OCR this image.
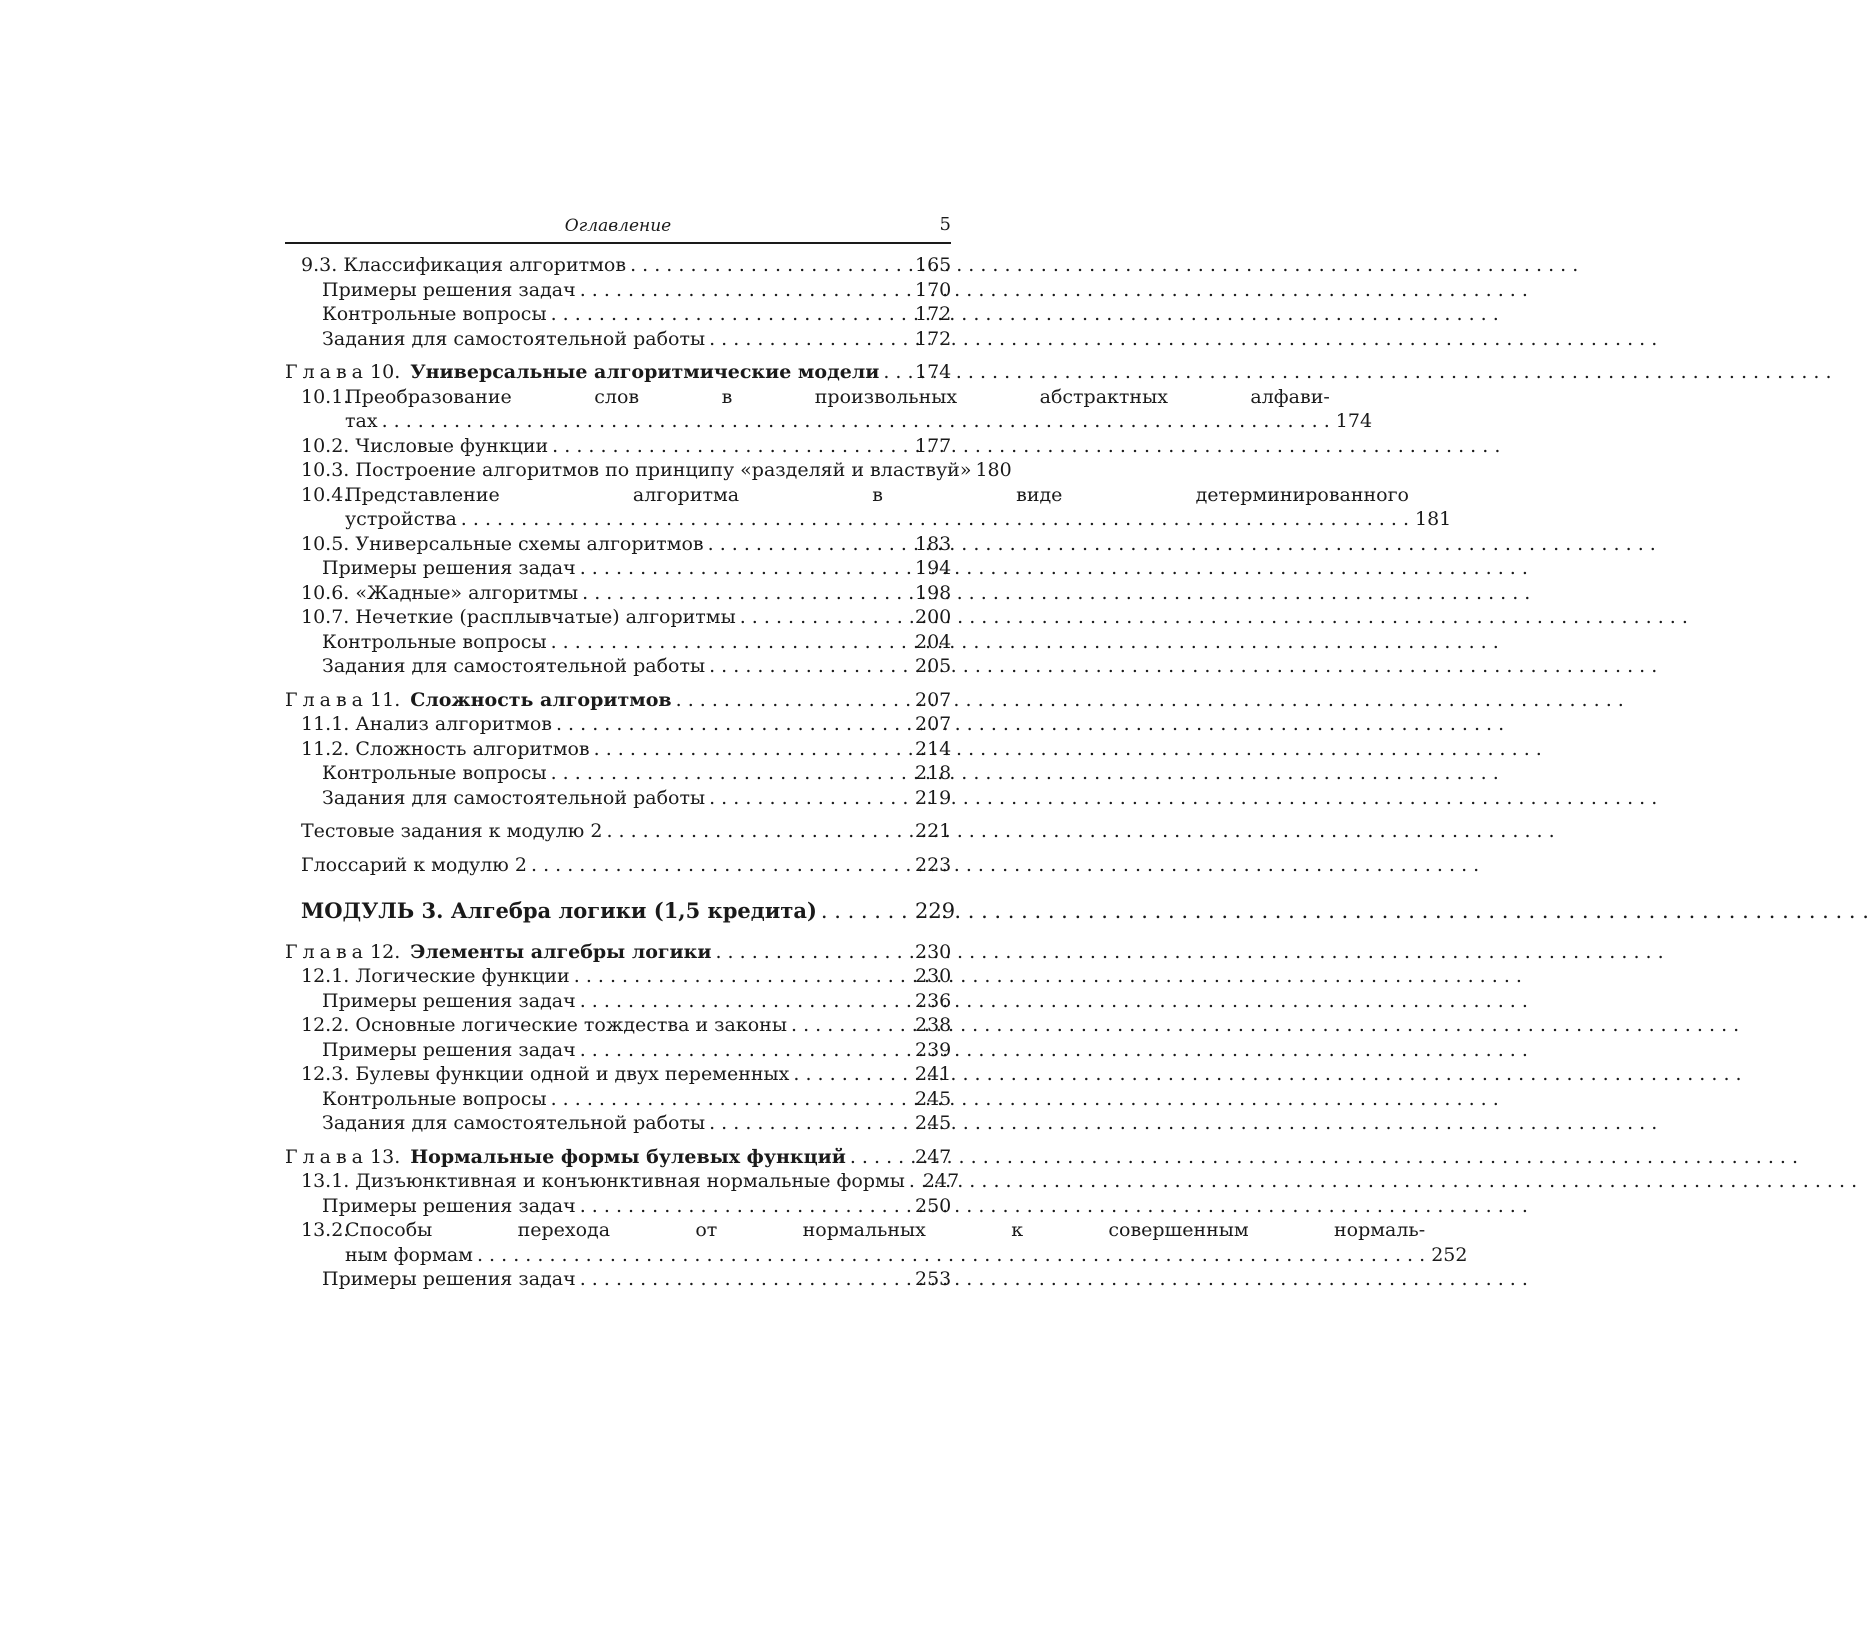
Оглавление	5
9.3. Классификация алгоритмов . . .	165
Примеры решения задач . . .	170
Контрольные вопросы . . .	172
Задания для самостоятельной работы . . .	172
Глава 10. Универсальные алгоритмические модели . . . 174
10.1.
Преобразование слов в произвольных абстрактных алфави-
тах . . .	174
10.2. Числовые функции . . .	177
10.3. Построение алгоритмов по принципу «разделяй и властвуй» 180
10.4.
Представление алгоритма в виде детерминированного
устройства . . .	181
10.5. Универсальные схемы алгоритмов . . .	183
Примеры решения задач . . .	194
10.6. «Жадные» алгоритмы . . .	198
10.7. Нечеткие (расплывчатые) алгоритмы . . .	200
Контрольные вопросы . . .	204
Задания для самостоятельной работы . . .	205
Глава 11. Сложность алгоритмов . . .	207
11.1. Анализ алгоритмов . . .	207
11.2. Сложность алгоритмов . . .	214
Контрольные вопросы . . .	218
Задания для самостоятельной работы . . .	219
Тестовые задания к модулю 2 . . .	221
Глоссарий к модулю 2 . . .	223
МОДУЛЬ 3. Алгебра логики (1,5 кредита) . . .	229
Глава 12. Элементы алгебры логики . . .	230
12.1. Логические функции . . .	230
Примеры решения задач . . .	236
12.2. Основные логические тождества и законы . . .	238
Примеры решения задач . . .	239
12.3. Булевы функции одной и двух переменных . . .	241
Контрольные вопросы . . .	245
Задания для самостоятельной работы . . .	245
Глава 13. Нормальные формы булевых функций . . .	247
13.1. Дизъюнктивная и конъюнктивная нормальные формы . . . 247
Примеры решения задач . . .	250
13.2.
Способы перехода от нормальных к совершенным нормаль-
ным формам . . .	252
Примеры решения задач . . .	253
